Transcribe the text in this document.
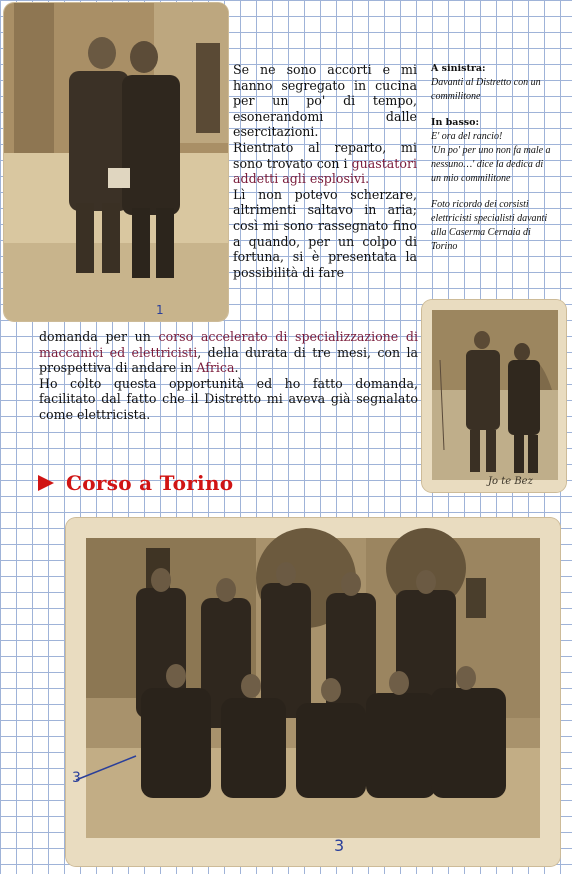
1
Jo te Bez
Se ne sono accorti e mi hanno segregato in cucina per un po' di tempo, esonerandomi dalle esercitazioni.
Rientrato al reparto, mi sono trovato con i guastatori addetti agli esplosivi.
Lì non potevo scherzare, altrimenti saltavo in aria; così mi sono rassegnato fino a quando, per un colpo di fortuna, si è presentata la possibilità di fare
domanda per un corso accelerato di specializzazione di maccanici ed elettricisti, della durata di tre mesi, con la prospettiva di andare in Africa.
Ho colto questa opportunità ed ho fatto domanda, facilitato dal fatto che il Distretto mi aveva già segnalato come elettricista.
A sinistra:
Davanti al Distretto con un commilitone
In basso:
E' ora del rancio!
'Un po' per uno non fa male a nessuno…' dice la dedica di un mio commilitone
Foto ricordo dei corsisti elettricisti specialisti davanti alla Caserma Cernaia di Torino
Corso a Torino
3
3
